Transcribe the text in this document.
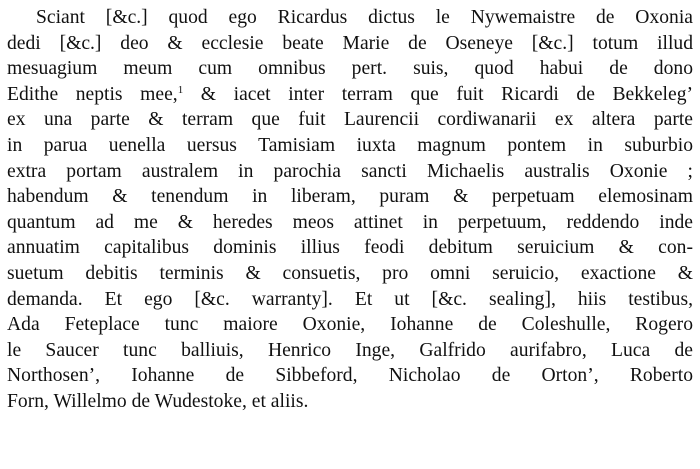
Sciant [&c.] quod ego Ricardus dictus le Nywemaistre de Oxonia
dedi [&c.] deo & ecclesie beate Marie de Oseneye [&c.] totum illud
mesuagium meum cum omnibus pert. suis, quod habui de dono
Edithe neptis mee,$^1$ & iacet inter terram que fuit Ricardi de Bekkeleg’
ex una parte & terram que fuit Laurencii cordiwanarii ex altera parte
in parua uenella uersus Tamisiam iuxta magnum pontem in suburbio
extra portam australem in parochia sancti Michaelis australis Oxonie ;
habendum & tenendum in liberam, puram & perpetuam elemosinam
quantum ad me & heredes meos attinet in perpetuum, reddendo inde
annuatim capitalibus dominis illius feodi debitum seruicium & con-
suetum debitis terminis & consuetis, pro omni seruicio, exactione &
demanda. Et ego [&c. warranty]. Et ut [&c. sealing], hiis testibus,
Ada Feteplace tunc maiore Oxonie, Iohanne de Coleshulle, Rogero
le Saucer tunc balliuis, Henrico Inge, Galfrido aurifabro, Luca de
Northosen’, Iohanne de Sibbeford, Nicholao de Orton’, Roberto
Forn, Willelmo de Wudestoke, et aliis.
